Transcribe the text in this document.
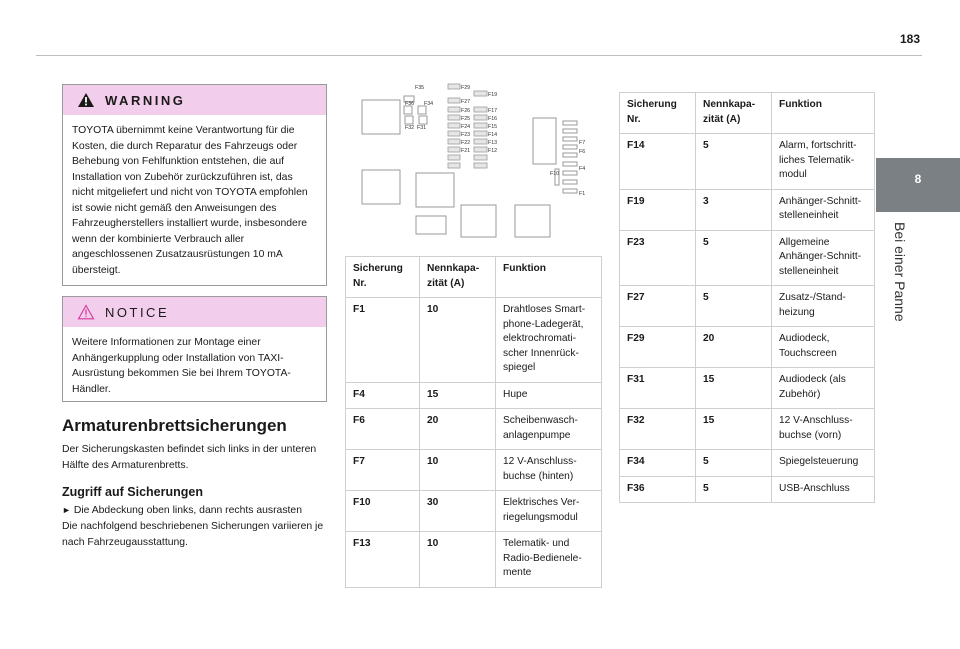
183
8
Bei einer Panne
WARNING
TOYOTA übernimmt keine Verantwortung für die Kosten, die durch Reparatur des Fahrzeugs oder Behebung von Fehlfunktion entstehen, die auf Installation von Zubehör zurückzuführen ist, das nicht mitgeliefert und nicht von TOYOTA empfohlen ist sowie nicht gemäß den Anweisungen des Fahrzeugherstellers installiert wurde, insbesondere wenn der kombinierte Verbrauch aller angeschlossenen Zusatzausrüstungen 10 mA übersteigt.
NOTICE
Weitere Informationen zur Montage einer Anhängerkupplung oder Installation von TAXI-Ausrüstung bekommen Sie bei Ihrem TOYOTA-Händler.
Armaturenbrettsicherungen
Der Sicherungskasten befindet sich links in der unteren Hälfte des Armaturenbretts.
Zugriff auf Sicherungen
► Die Abdeckung oben links, dann rechts ausrasten
Die nachfolgend beschriebenen Sicherungen variieren je nach Fahrzeugausstattung.
F35
F36 F34
F32 F31
F29
F27
F26
F25
F24
F23
F22
F21
F19
F17
F16
F15
F14
F13
F12
F7
F6
F4
F10
F1
Sicherung Nr.	Nennkapa-zität (A)	Funktion
F1	10	Drahtloses Smart-phone-Ladegerät, elektrochromati-scher Innenrück-spiegel
F4	15	Hupe
F6	20	Scheibenwasch-anlagenpumpe
F7	10	12 V-Anschluss-buchse (hinten)
F10	30	Elektrisches Ver-riegelungsmodul
F13	10	Telematik- und Radio-Bedienele-mente
Sicherung Nr.	Nennkapa-zität (A)	Funktion
F14	5	Alarm, fortschritt-liches Telematik-modul
F19	3	Anhänger-Schnitt-stelleneinheit
F23	5	Allgemeine Anhänger-Schnitt-stelleneinheit
F27	5	Zusatz-/Stand-heizung
F29	20	Audiodeck, Touchscreen
F31	15	Audiodeck (als Zubehör)
F32	15	12 V-Anschluss-buchse (vorn)
F34	5	Spiegelsteuerung
F36	5	USB-Anschluss
